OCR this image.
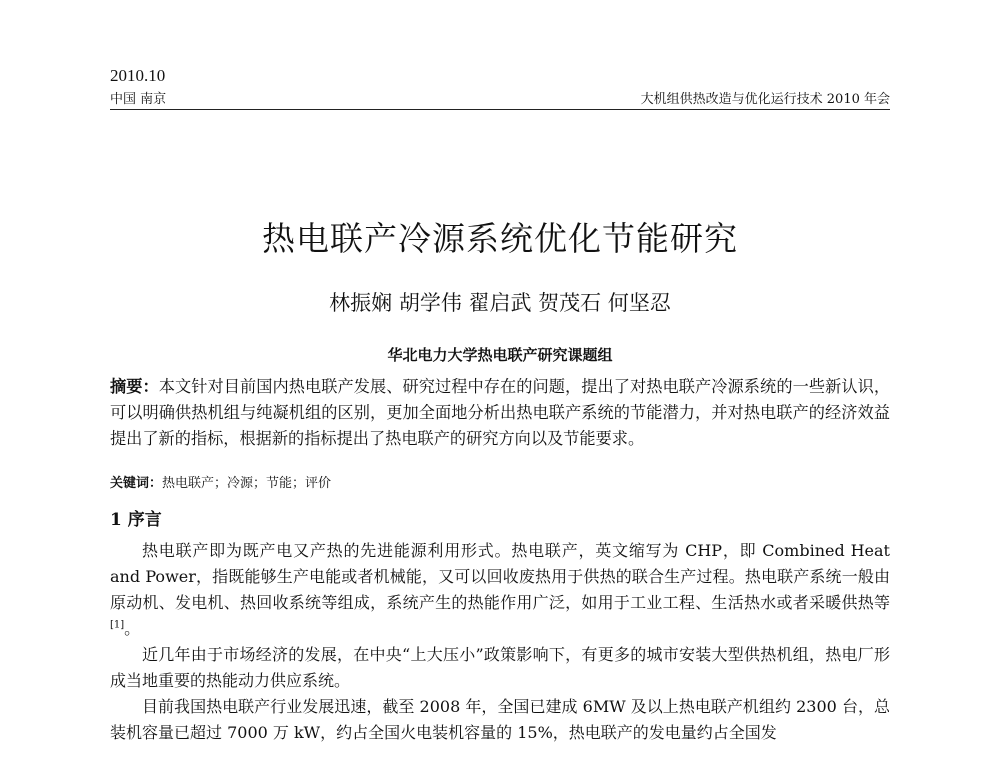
2010.10
中国 南京	大机组供热改造与优化运行技术 2010 年会
热电联产冷源系统优化节能研究
林振娴 胡学伟 翟启武 贺茂石 何坚忍
华北电力大学热电联产研究课题组
摘要：本文针对目前国内热电联产发展、研究过程中存在的问题，提出了对热电联产冷源系统的一些新认识，可以明确供热机组与纯凝机组的区别，更加全面地分析出热电联产系统的节能潜力，并对热电联产的经济效益提出了新的指标，根据新的指标提出了热电联产的研究方向以及节能要求。
关键词：热电联产；冷源；节能；评价
1 序言

热电联产即为既产电又产热的先进能源利用形式。热电联产，英文缩写为 CHP，即 Combined Heat and Power，指既能够生产电能或者机械能，又可以回收废热用于供热的联合生产过程。热电联产系统一般由原动机、发电机、热回收系统等组成，系统产生的热能作用广泛，如用于工业工程、生活热水或者采暖供热等[1]。

近几年由于市场经济的发展，在中央“上大压小”政策影响下，有更多的城市安装大型供热机组，热电厂形成当地重要的热能动力供应系统。

目前我国热电联产行业发展迅速，截至 2008 年，全国已建成 6MW 及以上热电联产机组约 2300 台，总装机容量已超过 7000 万 kW，约占全国火电装机容量的 15%，热电联产的发电量约占全国发
